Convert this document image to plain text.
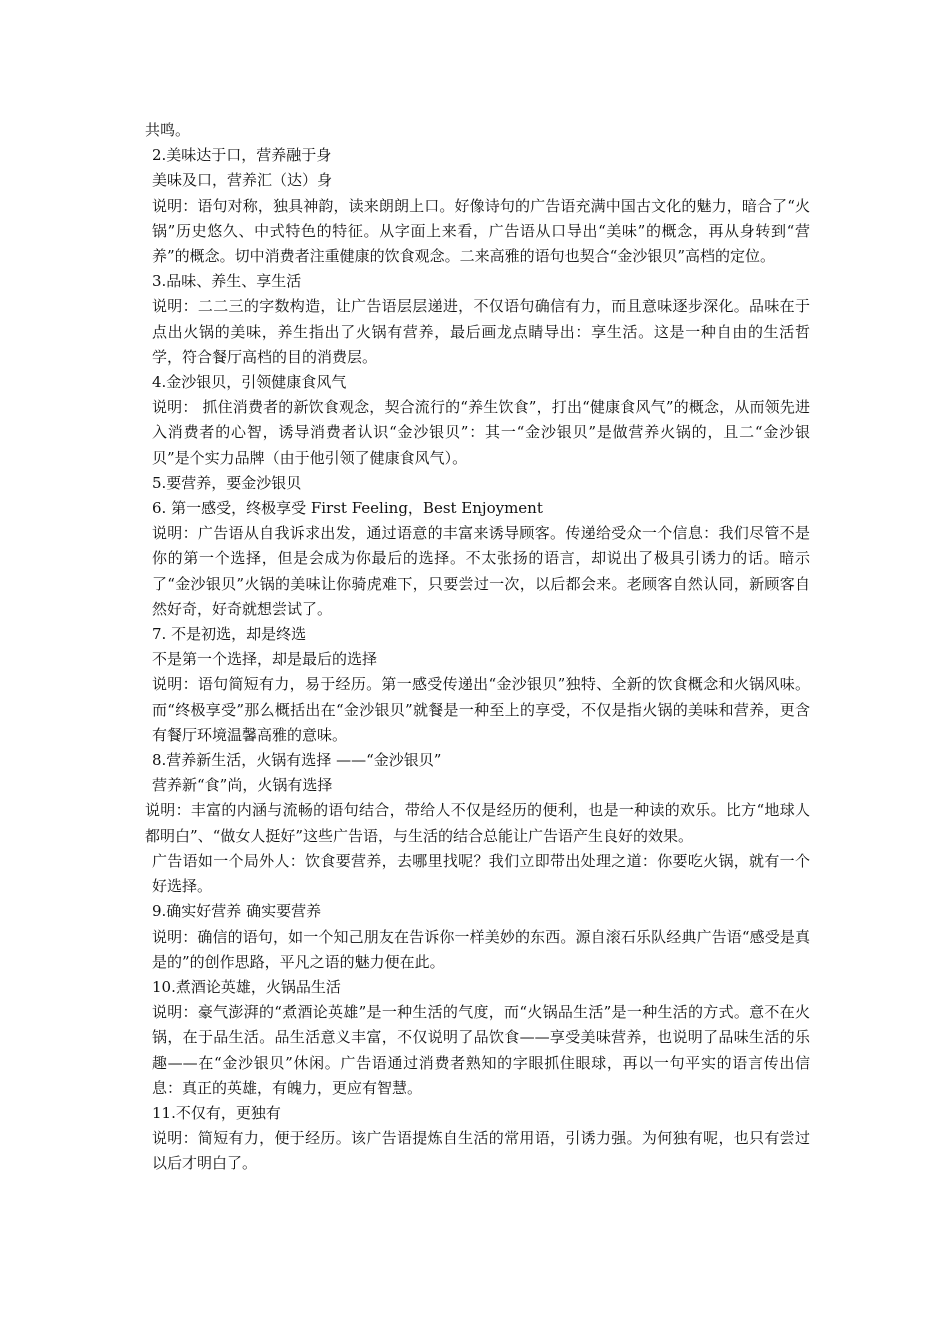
共鸣。

2.美味达于口，营养融于身

美味及口，营养汇（达）身

说明：语句对称，独具神韵，读来朗朗上口。好像诗句的广告语充满中国古文化的魅力，暗合了“火锅”历史悠久、中式特色的特征。从字面上来看，广告语从口导出“美味”的概念，再从身转到“营养”的概念。切中消费者注重健康的饮食观念。二来高雅的语句也契合“金沙银贝”高档的定位。

3.品味、养生、享生活

说明：二二三的字数构造，让广告语层层递进，不仅语句确信有力，而且意味逐步深化。品味在于点出火锅的美味，养生指出了火锅有营养，最后画龙点睛导出：享生活。这是一种自由的生活哲学，符合餐厅高档的目的消费层。

4.金沙银贝，引领健康食风气

说明： 抓住消费者的新饮食观念，契合流行的“养生饮食”，打出“健康食风气”的概念，从而领先进入消费者的心智，诱导消费者认识“金沙银贝”：其一“金沙银贝”是做营养火锅的，且二“金沙银贝”是个实力品牌（由于他引领了健康食风气）。

5.要营养，要金沙银贝

6. 第一感受，终极享受 First Feeling，Best Enjoyment

说明：广告语从自我诉求出发，通过语意的丰富来诱导顾客。传递给受众一个信息：我们尽管不是你的第一个选择，但是会成为你最后的选择。不太张扬的语言，却说出了极具引诱力的话。暗示了“金沙银贝”火锅的美味让你骑虎难下，只要尝过一次，以后都会来。老顾客自然认同，新顾客自然好奇，好奇就想尝试了。

7. 不是初选，却是终选

不是第一个选择，却是最后的选择

说明：语句简短有力，易于经历。第一感受传递出“金沙银贝”独特、全新的饮食概念和火锅风味。而“终极享受”那么概括出在“金沙银贝”就餐是一种至上的享受，不仅是指火锅的美味和营养，更含有餐厅环境温馨高雅的意味。

8.营养新生活，火锅有选择 ——“金沙银贝”

营养新“食”尚，火锅有选择

说明：丰富的内涵与流畅的语句结合，带给人不仅是经历的便利，也是一种读的欢乐。比方“地球人都明白”、“做女人挺好”这些广告语，与生活的结合总能让广告语产生良好的效果。

广告语如一个局外人：饮食要营养，去哪里找呢？我们立即带出处理之道：你要吃火锅，就有一个好选择。

9.确实好营养 确实要营养

说明：确信的语句，如一个知己朋友在告诉你一样美妙的东西。源自滚石乐队经典广告语“感受是真是的”的创作思路，平凡之语的魅力便在此。

10.煮酒论英雄，火锅品生活

说明：豪气澎湃的“煮酒论英雄”是一种生活的气度，而“火锅品生活”是一种生活的方式。意不在火锅，在于品生活。品生活意义丰富，不仅说明了品饮食——享受美味营养，也说明了品味生活的乐趣——在“金沙银贝”休闲。广告语通过消费者熟知的字眼抓住眼球，再以一句平实的语言传出信息：真正的英雄，有魄力，更应有智慧。

11.不仅有，更独有

说明：简短有力，便于经历。该广告语提炼自生活的常用语，引诱力强。为何独有呢，也只有尝过以后才明白了。
